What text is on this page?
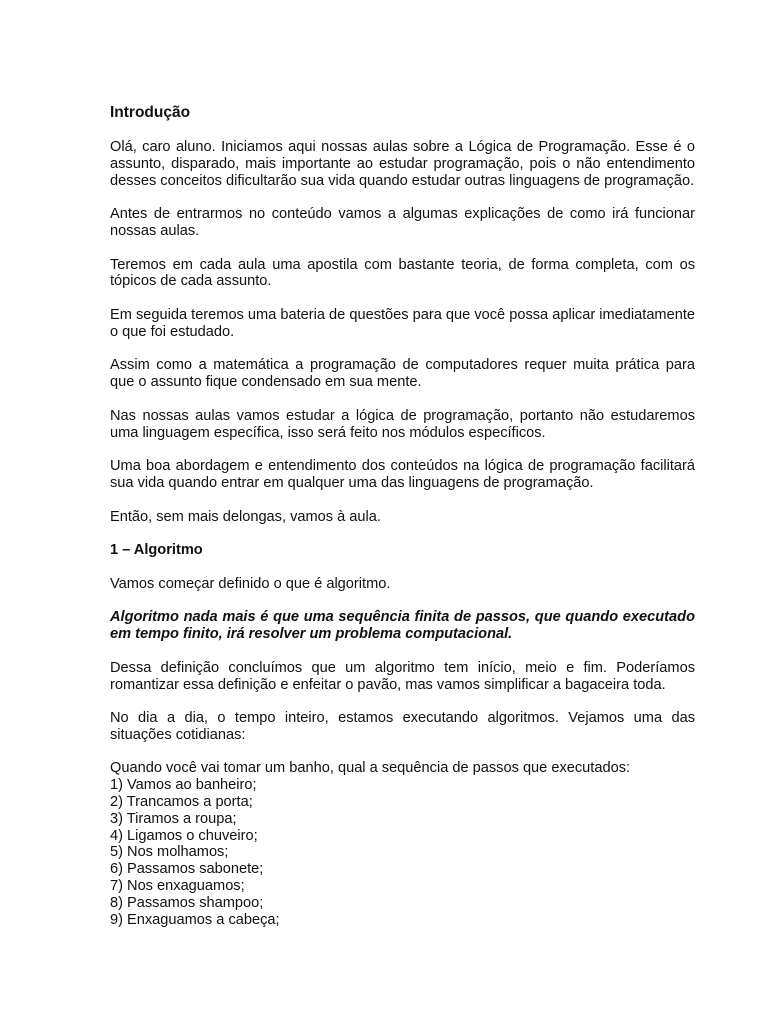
Introdução

Olá, caro aluno. Iniciamos aqui nossas aulas sobre a Lógica de Programação. Esse é o assunto, disparado, mais importante ao estudar programação, pois o não entendimento desses conceitos dificultarão sua vida quando estudar outras linguagens de programação.

Antes de entrarmos no conteúdo vamos a algumas explicações de como irá funcionar nossas aulas.

Teremos em cada aula uma apostila com bastante teoria, de forma completa, com os tópicos de cada assunto.

Em seguida teremos uma bateria de questões para que você possa aplicar imediatamente o que foi estudado.

Assim como a matemática a programação de computadores requer muita prática para que o assunto fique condensado em sua mente.

Nas nossas aulas vamos estudar a lógica de programação, portanto não estudaremos uma linguagem específica, isso será feito nos módulos específicos.

Uma boa abordagem e entendimento dos conteúdos na lógica de programação facilitará sua vida quando entrar em qualquer uma das linguagens de programação.

Então, sem mais delongas, vamos à aula.

1 – Algoritmo

Vamos começar definido o que é algoritmo.

Algoritmo nada mais é que uma sequência finita de passos, que quando executado em tempo finito, irá resolver um problema computacional.

Dessa definição concluímos que um algoritmo tem início, meio e fim. Poderíamos romantizar essa definição e enfeitar o pavão, mas vamos simplificar a bagaceira toda.

No dia a dia, o tempo inteiro, estamos executando algoritmos. Vejamos uma das situações cotidianas:

Quando você vai tomar um banho, qual a sequência de passos que executados:
1) Vamos ao banheiro;
2) Trancamos a porta;
3) Tiramos a roupa;
4) Ligamos o chuveiro;
5) Nos molhamos;
6) Passamos sabonete;
7) Nos enxaguamos;
8) Passamos shampoo;
9) Enxaguamos a cabeça;
